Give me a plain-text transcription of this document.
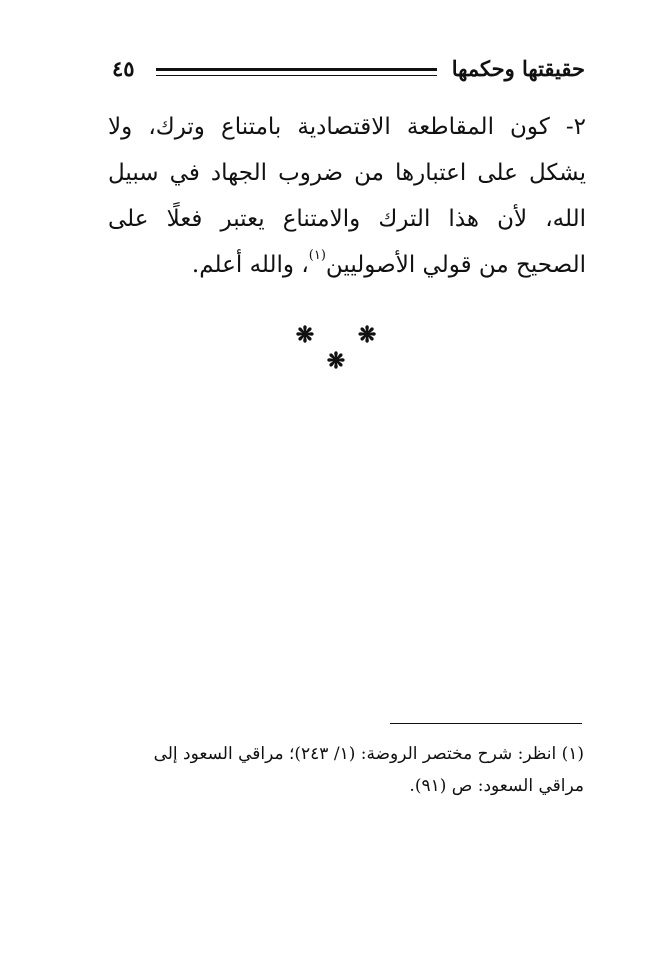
حقيقتها وحكمها
٤٥
٢- كون المقاطعة الاقتصادية بامتناع وترك، ولا يشكل على اعتبارها من ضروب الجهاد في سبيل الله، لأن هذا الترك والامتناع يعتبر فعلًا على الصحيح من قولي الأصوليين$^{(١)}$، والله أعلم.
❋ ❋ ❋
(١) انظر: شرح مختصر الروضة: (١/ ٢٤٣)؛ مراقي السعود إلى مراقي السعود: ص (٩١).
